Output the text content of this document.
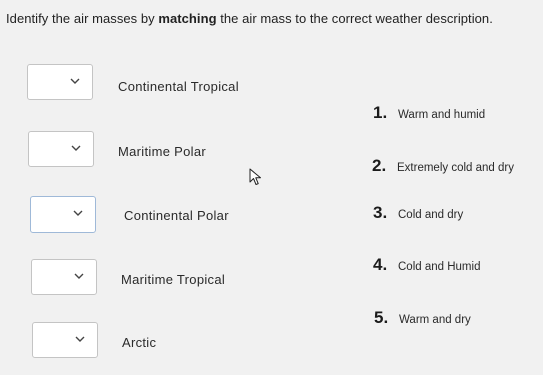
Identify the air masses by matching the air mass to the correct weather description.
Continental Tropical
Maritime Polar
Continental Polar
Maritime Tropical
Arctic
1. Warm and humid
2. Extremely cold and dry
3. Cold and dry
4. Cold and Humid
5. Warm and dry
